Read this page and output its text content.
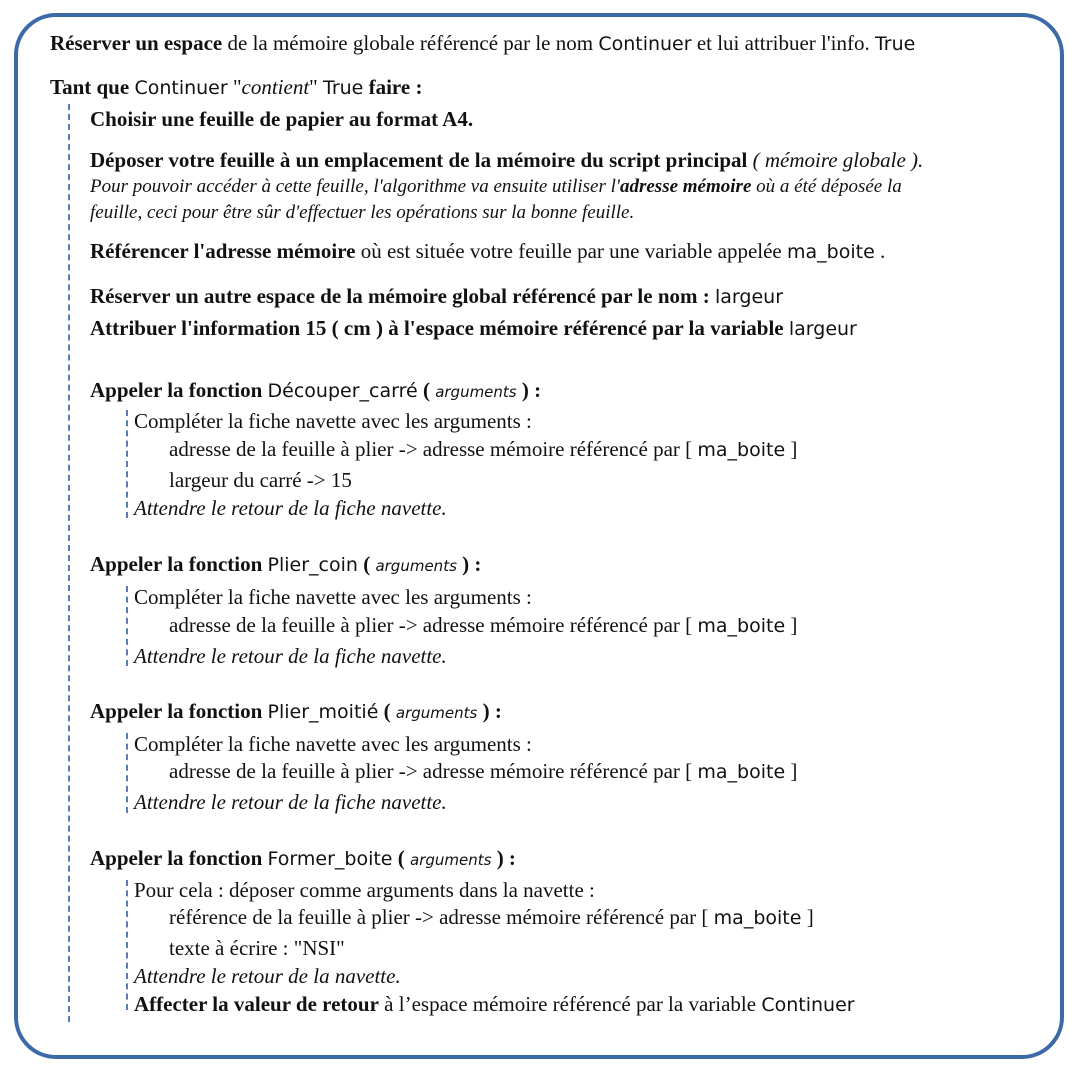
Réserver un espace de la mémoire globale référencé par le nom Continuer et lui attribuer l'info. True
Tant que Continuer "contient" True faire :
Choisir une feuille de papier au format A4.
Déposer votre feuille à un emplacement de la mémoire du script principal ( mémoire globale ).
Pour pouvoir accéder à cette feuille, l'algorithme va ensuite utiliser l'adresse mémoire où a été déposée la
feuille, ceci pour être sûr d'effectuer les opérations sur la bonne feuille.
Référencer l'adresse mémoire où est située votre feuille par une variable appelée ma_boite .
Réserver un autre espace de la mémoire global référencé par le nom : largeur
Attribuer l'information 15 ( cm ) à l'espace mémoire référencé par la variable largeur
Appeler la fonction Découper_carré ( arguments ) :
Compléter la fiche navette avec les arguments :
adresse de la feuille à plier -> adresse mémoire référencé par [ ma_boite ]
largeur du carré -> 15
Attendre le retour de la fiche navette.
Appeler la fonction Plier_coin ( arguments ) :
Compléter la fiche navette avec les arguments :
adresse de la feuille à plier -> adresse mémoire référencé par [ ma_boite ]
Attendre le retour de la fiche navette.
Appeler la fonction Plier_moitié ( arguments ) :
Compléter la fiche navette avec les arguments :
adresse de la feuille à plier -> adresse mémoire référencé par [ ma_boite ]
Attendre le retour de la fiche navette.
Appeler la fonction Former_boite ( arguments ) :
Pour cela : déposer comme arguments dans la navette :
référence de la feuille à plier -> adresse mémoire référencé par [ ma_boite ]
texte à écrire : "NSI"
Attendre le retour de la navette.
Affecter la valeur de retour à l’espace mémoire référencé par la variable Continuer
